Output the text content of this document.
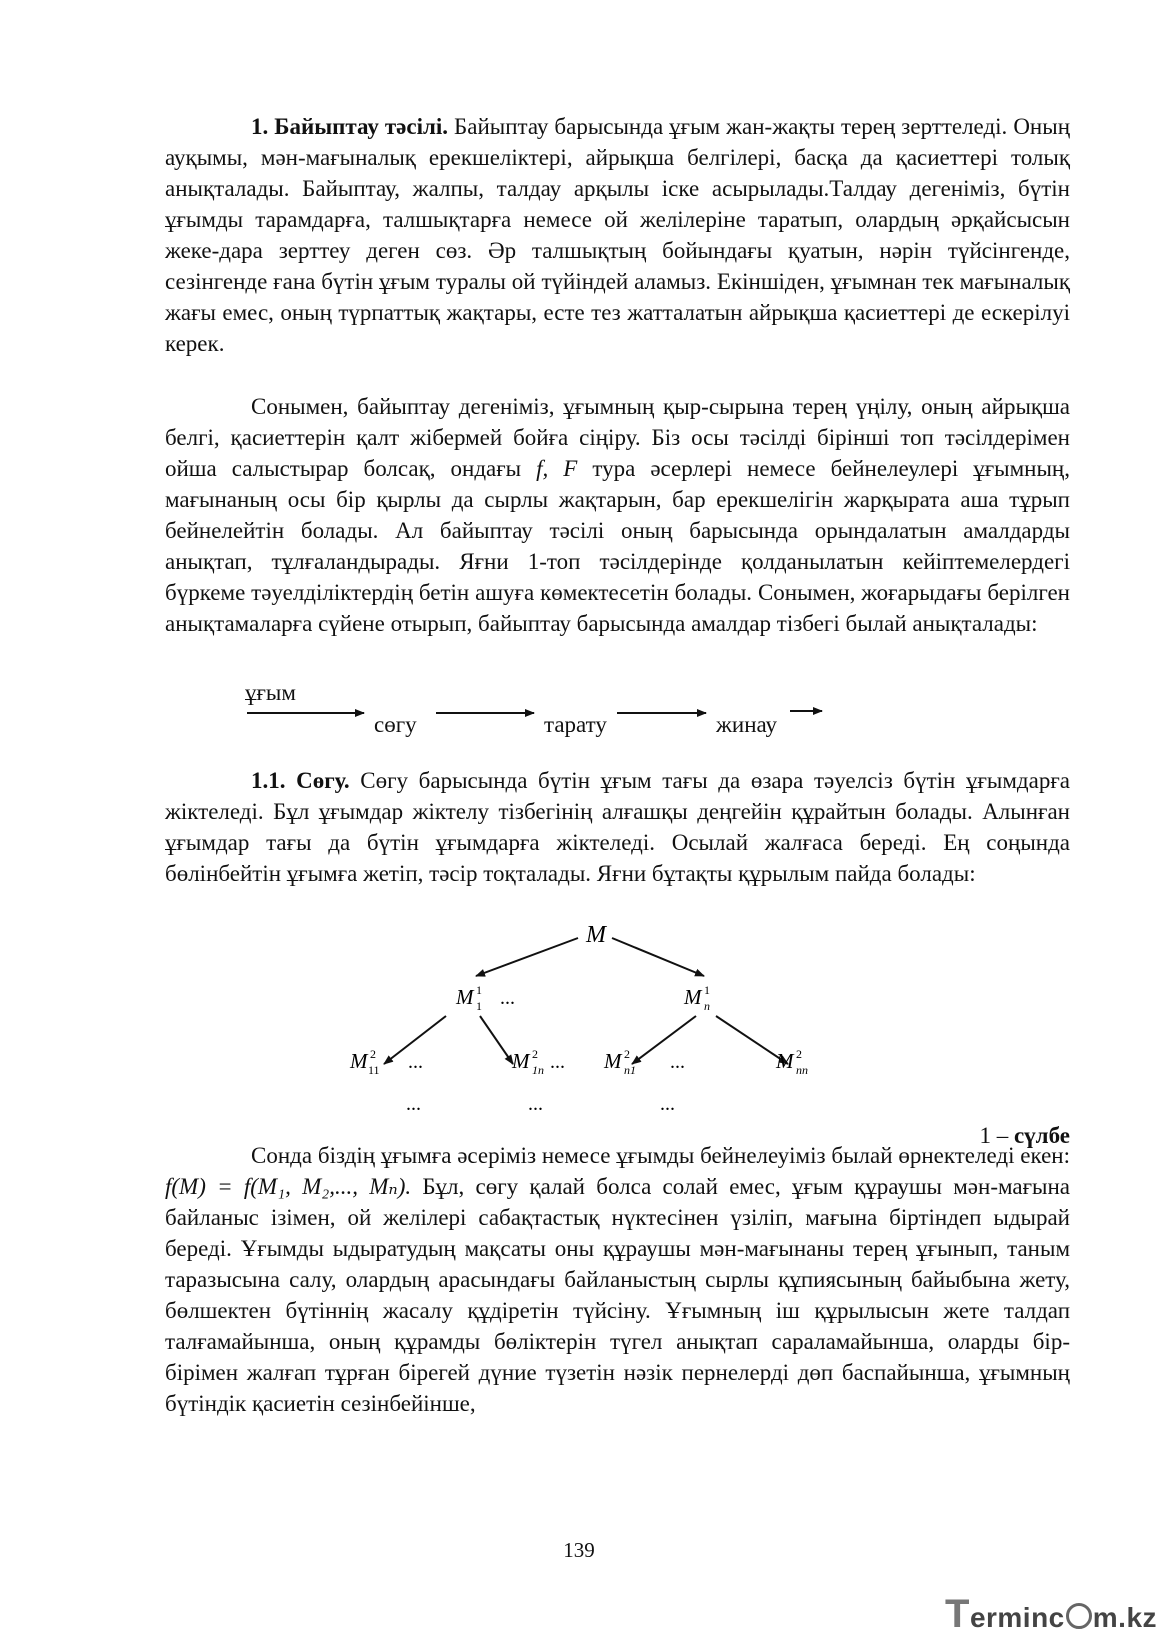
1. Байыптау тәсілі. Байыптау барысында ұғым жан-жақты терең зерттеледі. Оның ауқымы, мән-мағыналық ерекшеліктері, айрықша белгілері, басқа да қасиеттері толық анықталады. Байыптау, жалпы, талдау арқылы іске асырылады.Талдау дегеніміз, бүтін ұғымды тарамдарға, талшықтарға немесе ой желілеріне таратып, олардың әрқайсысын жеке-дара зерттеу деген сөз. Әр талшықтың бойындағы қуатын, нәрін түйсінгенде, сезінгенде ғана бүтін ұғым туралы ой түйіндей аламыз. Екіншіден, ұғымнан тек мағыналық жағы емес, оның түрпаттық жақтары, есте тез жатталатын айрықша қасиеттері де ескерілуі керек.

Сонымен, байыптау дегеніміз, ұғымның қыр-сырына терең үңілу, оның айрықша белгі, қасиеттерін қалт жібермей бойға сіңіру. Біз осы тәсілді бірінші топ тәсілдерімен ойша салыстырар болсақ, ондағы f, F тура әсерлері немесе бейнелеулері ұғымның, мағынаның осы бір қырлы да сырлы жақтарын, бар ерекшелігін жарқырата аша тұрып бейнелейтін болады. Ал байыптау тәсілі оның барысында орындалатын амалдарды анықтап, тұлғаландырады. Яғни 1-топ тәсілдерінде қолданылатын кейіптемелердегі бүркеме тәуелділіктердің бетін ашуға көмектесетін болады. Сонымен, жоғарыдағы берілген анықтамаларға сүйене отырып, байыптау барысында амалдар тізбегі былай анықталады:

ұғым
сөгу	тарату	жинау

1.1. Сөгу. Сөгу барысында бүтін ұғым тағы да өзара тәуелсіз бүтін ұғымдарға жіктеледі. Бұл ұғымдар жіктелу тізбегінің алғашқы деңгейін құрайтын болады. Алынған ұғымдар тағы да бүтін ұғымдарға жіктеледі. Осылай жалғаса береді. Ең соңында бөлінбейтін ұғымға жетіп, тәсір тоқталады. Яғни бұтақты құрылым пайда болады:

M
M 1
1 ...	M 1
n
M 2
11 ...	M 2
1n ... M 2
n1 ...	M 2
nn
...	...	...
1 – сүлбе

Сонда біздің ұғымға әсеріміз немесе ұғымды бейнелеуіміз былай өрнектеледі екен: f(M) = f(M₁, M₂,..., Mₙ). Бұл, сөгу қалай болса солай емес, ұғым құраушы мән-мағына байланыс ізімен, ой желілері сабақтастық нүктесінен үзіліп, мағына біртіндеп ыдырай береді. Ұғымды ыдыратудың мақсаты оны құраушы мән-мағынаны терең ұғынып, таным таразысына салу, олардың арасындағы байланыстың сырлы құпиясының байыбына жету, бөлшектен бүтіннің жасалу құдіретін түйсіну. Ұғымның іш құрылысын жете талдап талғамайынша, оның құрамды бөліктерін түгел анықтап сараламайынша, оларды бір-бірімен жалғап тұрған бірегей дүние түзетін нәзік пернелерді дөп баспайынша, ұғымның бүтіндік қасиетін сезінбейінше,

139
Terminc m.kz
